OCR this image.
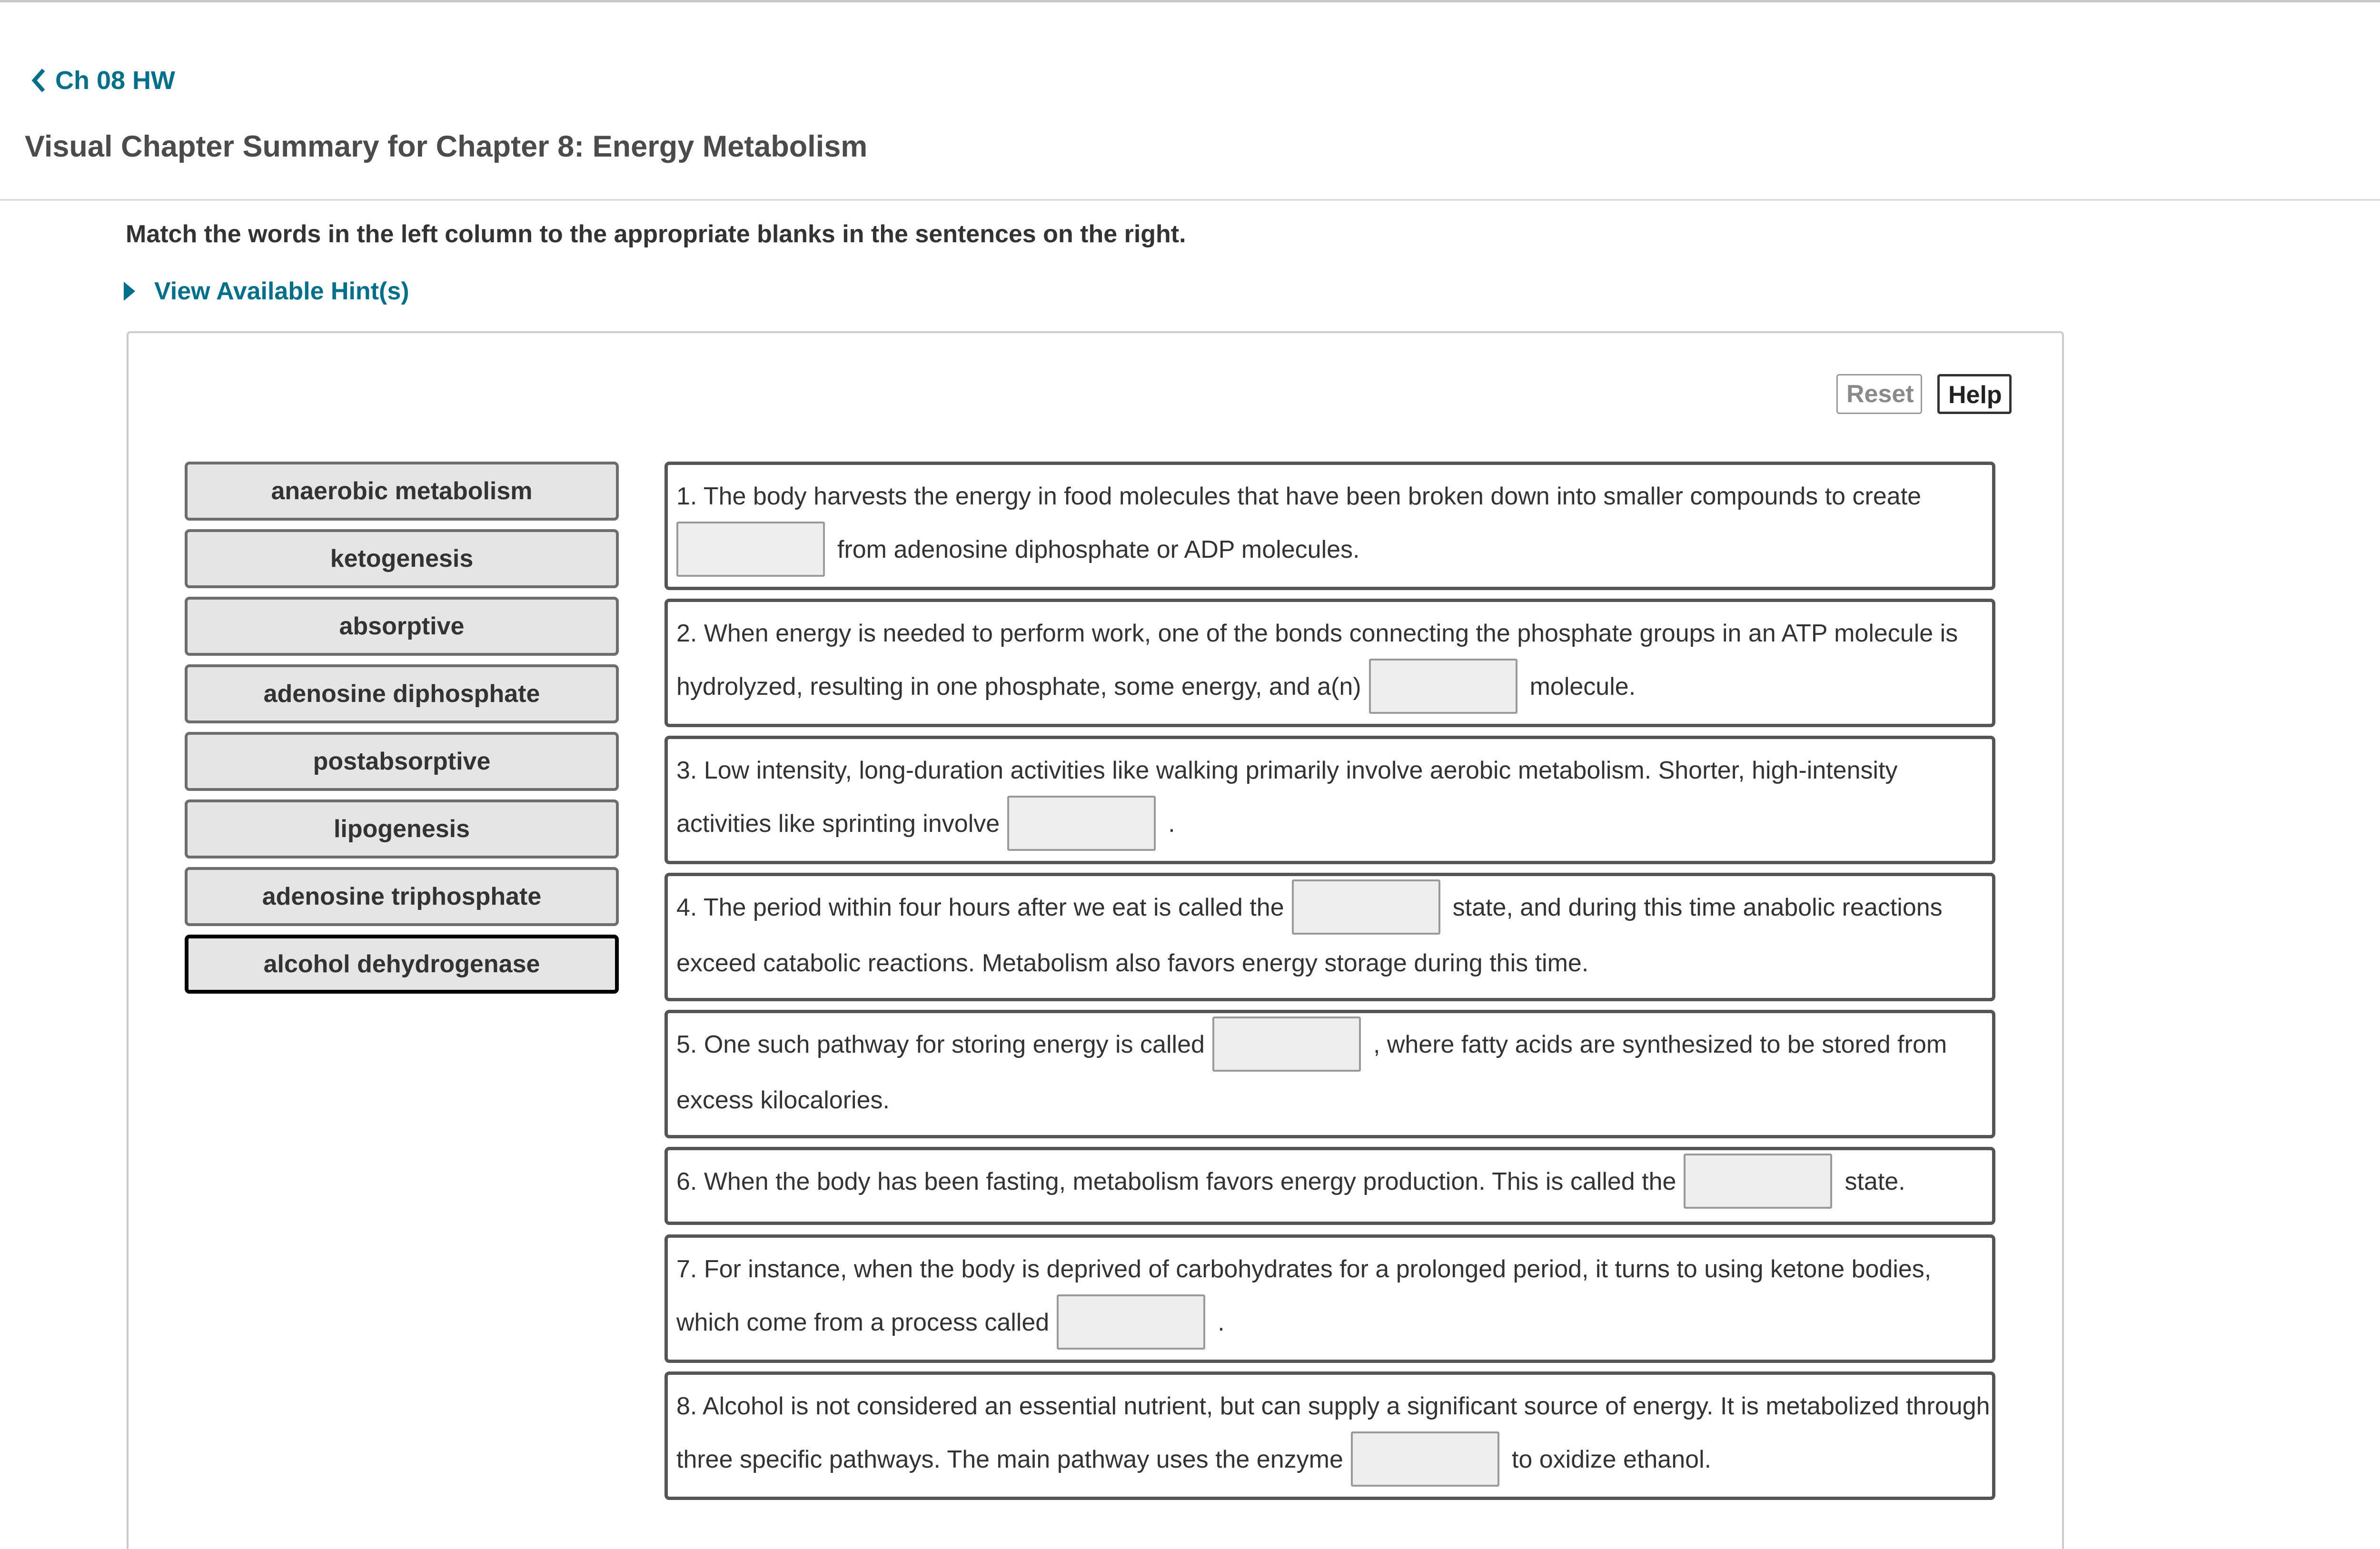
Ch 08 HW
Visual Chapter Summary for Chapter 8: Energy Metabolism
Match the words in the left column to the appropriate blanks in the sentences on the right.
View Available Hint(s)
Reset	Help
anaerobic metabolism
ketogenesis
absorptive
adenosine diphosphate
postabsorptive
lipogenesis
adenosine triphosphate
alcohol dehydrogenase
1. The body harvests the energy in food molecules that have been broken down into smaller compounds to create
from adenosine diphosphate or ADP molecules.
2. When energy is needed to perform work, one of the bonds connecting the phosphate groups in an ATP molecule is hydrolyzed, resulting in one phosphate, some energy, and a(n)	molecule.
3. Low intensity, long-duration activities like walking primarily involve aerobic metabolism. Shorter, high-intensity activities like sprinting involve	.
4. The period within four hours after we eat is called the	state, and during this time anabolic reactions exceed catabolic reactions. Metabolism also favors energy storage during this time.
5. One such pathway for storing energy is called	, where fatty acids are synthesized to be stored from excess kilocalories.
6. When the body has been fasting, metabolism favors energy production. This is called the	state.
7. For instance, when the body is deprived of carbohydrates for a prolonged period, it turns to using ketone bodies, which come from a process called	.
8. Alcohol is not considered an essential nutrient, but can supply a significant source of energy. It is metabolized through three specific pathways. The main pathway uses the enzyme	to oxidize ethanol.
